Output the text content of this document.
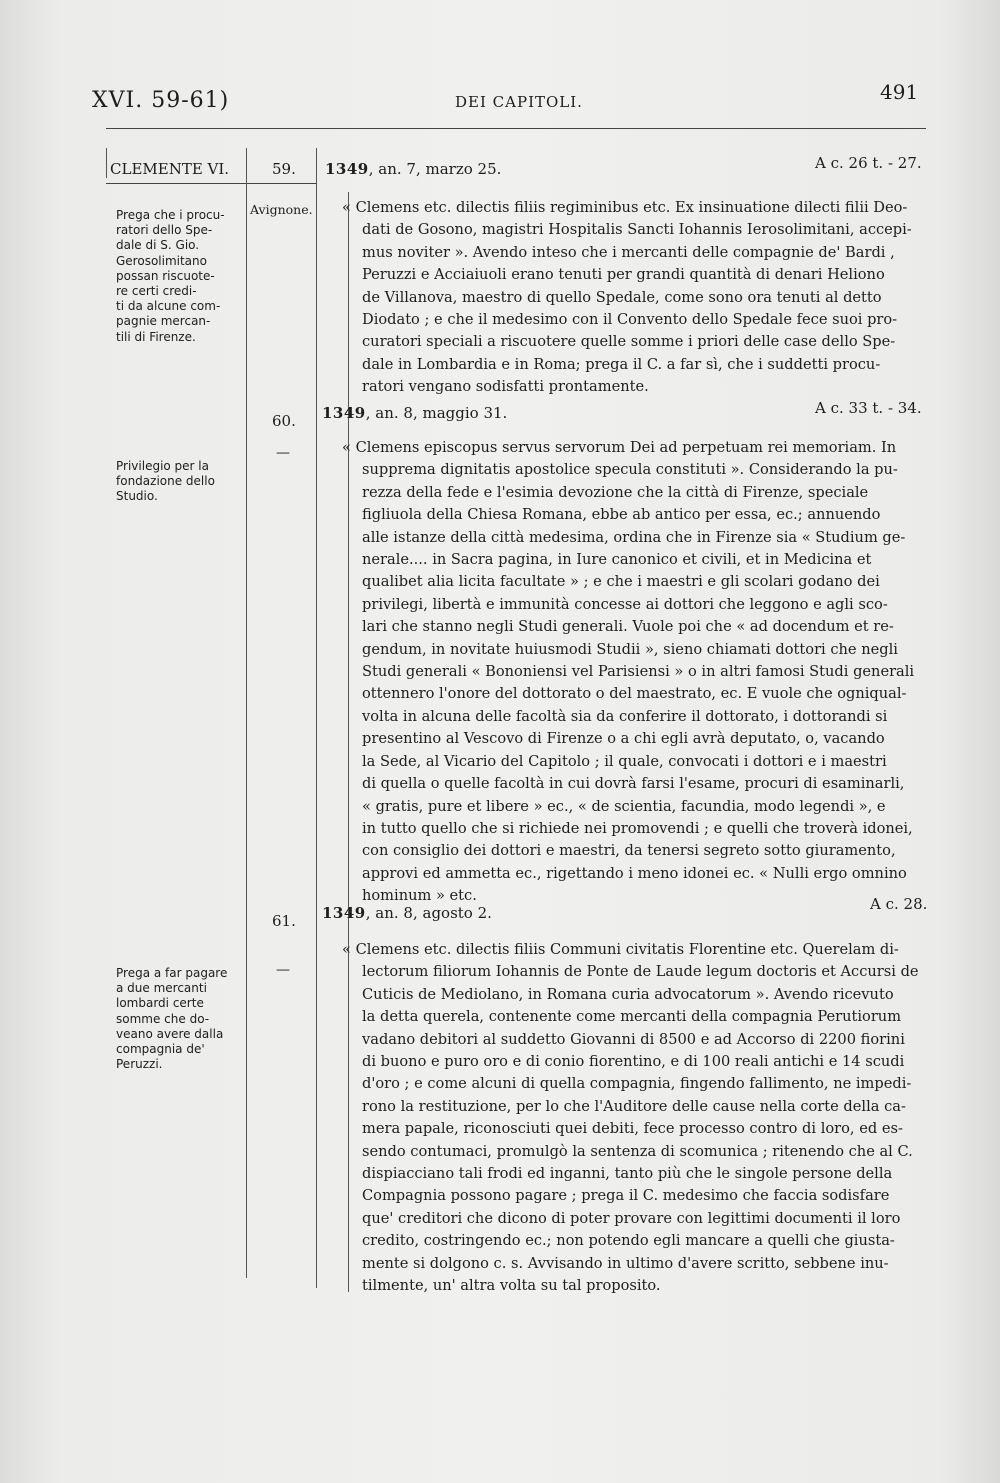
XVI. 59-61)	DEI CAPITOLI.	491
CLEMENTE VI.	59. 1349, an. 7, marzo 25.	A c. 26 t. - 27.
Avignone.
Prega che i procu-
ratori dello Spe-
dale di S. Gio.
Gerosolimitano
possan riscuote-
re certi credi-
ti da alcune com-
pagnie mercan-
tili di Firenze.
« Clemens etc. dilectis filiis regiminibus etc. Ex insinuatione dilecti filii Deo-
dati de Gosono, magistri Hospitalis Sancti Iohannis Ierosolimitani, accepi-
mus noviter ». Avendo inteso che i mercanti delle compagnie de' Bardi ,
Peruzzi e Acciaiuoli erano tenuti per grandi quantità di denari Heliono
de Villanova, maestro di quello Spedale, come sono ora tenuti al detto
Diodato ; e che il medesimo con il Convento dello Spedale fece suoi pro-
curatori speciali a riscuotere quelle somme i priori delle case dello Spe-
dale in Lombardia e in Roma; prega il C. a far sì, che i suddetti procu-
ratori vengano sodisfatti prontamente.
60. 1349, an. 8, maggio 31.	A c. 33 t. - 34.
—
Privilegio per la
fondazione dello
Studio.
« Clemens episcopus servus servorum Dei ad perpetuam rei memoriam. In
supprema dignitatis apostolice specula constituti ». Considerando la pu-
rezza della fede e l'esimia devozione che la città di Firenze, speciale
figliuola della Chiesa Romana, ebbe ab antico per essa, ec.; annuendo
alle istanze della città medesima, ordina che in Firenze sia « Studium ge-
nerale.... in Sacra pagina, in Iure canonico et civili, et in Medicina et
qualibet alia licita facultate » ; e che i maestri e gli scolari godano dei
privilegi, libertà e immunità concesse ai dottori che leggono e agli sco-
lari che stanno negli Studi generali. Vuole poi che « ad docendum et re-
gendum, in novitate huiusmodi Studii », sieno chiamati dottori che negli
Studi generali « Bononiensi vel Parisiensi » o in altri famosi Studi generali
ottennero l'onore del dottorato o del maestrato, ec. E vuole che ogniqual-
volta in alcuna delle facoltà sia da conferire il dottorato, i dottorandi si
presentino al Vescovo di Firenze o a chi egli avrà deputato, o, vacando
la Sede, al Vicario del Capitolo ; il quale, convocati i dottori e i maestri
di quella o quelle facoltà in cui dovrà farsi l'esame, procuri di esaminarli,
« gratis, pure et libere » ec., « de scientia, facundia, modo legendi », e
in tutto quello che si richiede nei promovendi ; e quelli che troverà idonei,
con consiglio dei dottori e maestri, da tenersi segreto sotto giuramento,
approvi ed ammetta ec., rigettando i meno idonei ec. « Nulli ergo omnino
hominum » etc.
61. 1349, an. 8, agosto 2.	A c. 28.
—
Prega a far pagare
a due mercanti
lombardi certe
somme che do-
veano avere dalla
compagnia de'
Peruzzi.
« Clemens etc. dilectis filiis Communi civitatis Florentine etc. Querelam di-
lectorum filiorum Iohannis de Ponte de Laude legum doctoris et Accursi de
Cuticis de Mediolano, in Romana curia advocatorum ». Avendo ricevuto
la detta querela, contenente come mercanti della compagnia Perutiorum
vadano debitori al suddetto Giovanni di 8500 e ad Accorso di 2200 fiorini
di buono e puro oro e di conio fiorentino, e di 100 reali antichi e 14 scudi
d'oro ; e come alcuni di quella compagnia, fingendo fallimento, ne impedi-
rono la restituzione, per lo che l'Auditore delle cause nella corte della ca-
mera papale, riconosciuti quei debiti, fece processo contro di loro, ed es-
sendo contumaci, promulgò la sentenza di scomunica ; ritenendo che al C.
dispiacciano tali frodi ed inganni, tanto più che le singole persone della
Compagnia possono pagare ; prega il C. medesimo che faccia sodisfare
que' creditori che dicono di poter provare con legittimi documenti il loro
credito, costringendo ec.; non potendo egli mancare a quelli che giusta-
mente si dolgono c. s. Avvisando in ultimo d'avere scritto, sebbene inu-
tilmente, un' altra volta su tal proposito.
